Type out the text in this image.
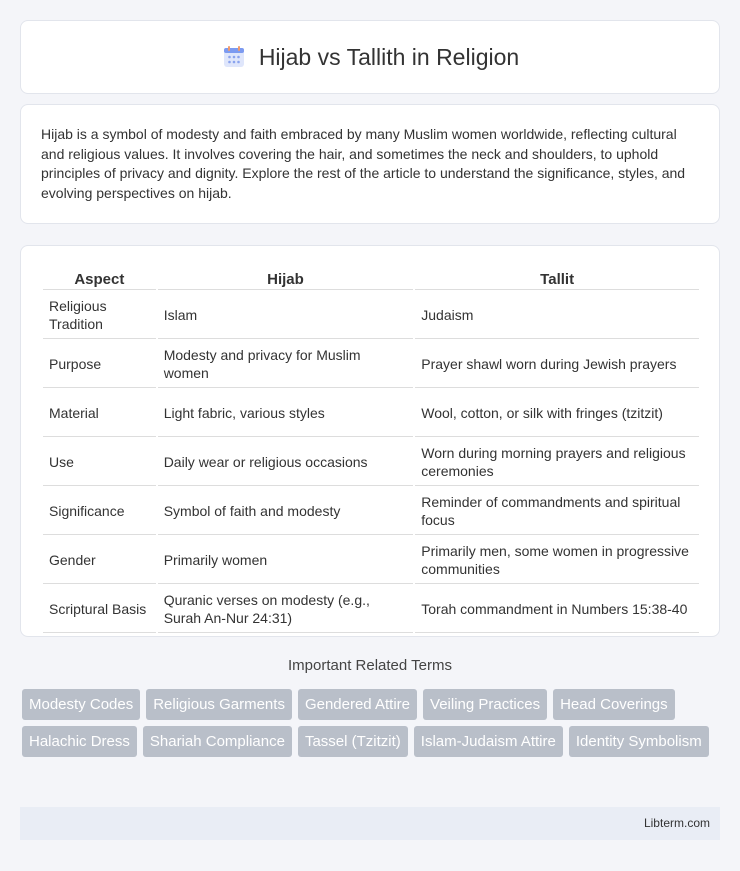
Hijab vs Tallith in Religion

Hijab is a symbol of modesty and faith embraced by many Muslim women worldwide, reflecting cultural and religious values. It involves covering the hair, and sometimes the neck and shoulders, to uphold principles of privacy and dignity. Explore the rest of the article to understand the significance, styles, and evolving perspectives on hijab.

Aspect	Hijab	Tallit
Religious Tradition	Islam	Judaism
Purpose	Modesty and privacy for Muslim women	Prayer shawl worn during Jewish prayers
Material	Light fabric, various styles	Wool, cotton, or silk with fringes (tzitzit)
Use	Daily wear or religious occasions	Worn during morning prayers and religious ceremonies
Significance	Symbol of faith and modesty	Reminder of commandments and spiritual focus
Gender	Primarily women	Primarily men, some women in progressive communities
Scriptural Basis	Quranic verses on modesty (e.g., Surah An-Nur 24:31)	Torah commandment in Numbers 15:38-40
Important Related Terms
Modesty Codes	Religious Garments	Gendered Attire	Veiling Practices	Head Coverings
Halachic Dress	Shariah Compliance	Tassel (Tzitzit)	Islam-Judaism Attire	Identity Symbolism
Libterm.com
